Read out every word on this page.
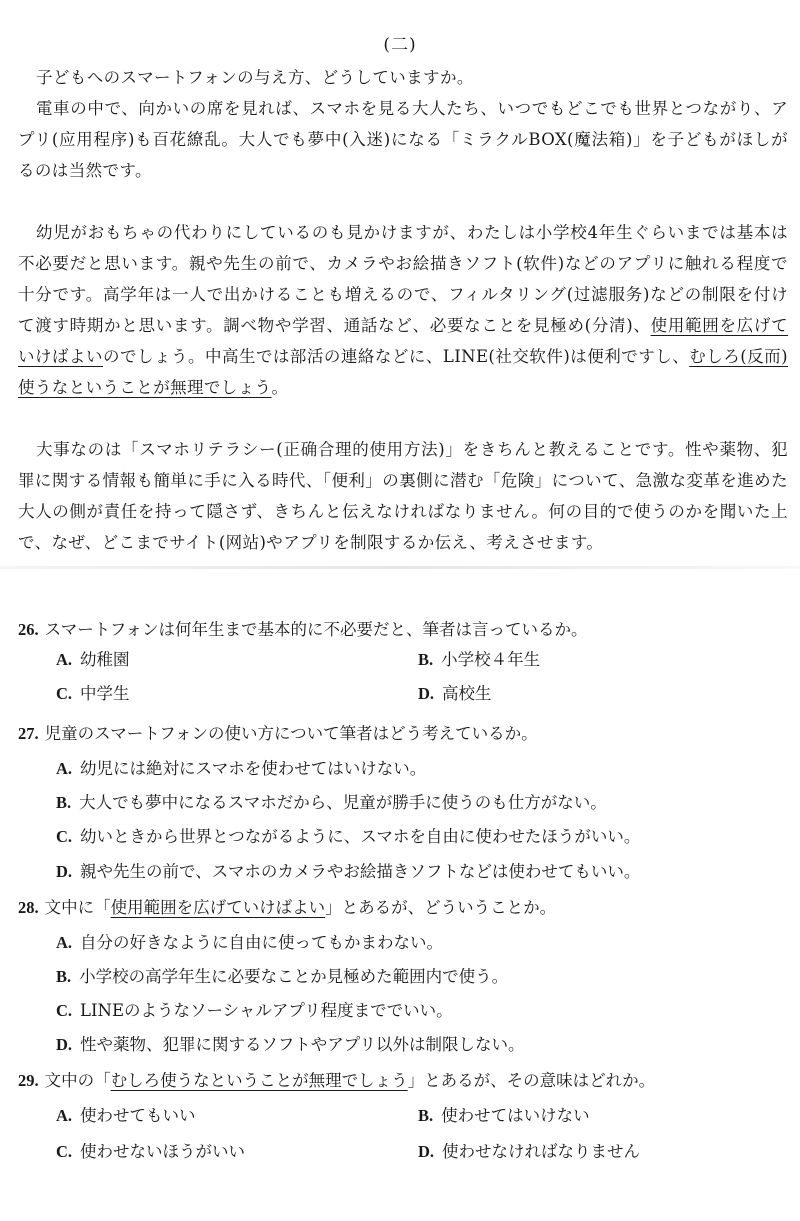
(二)

子どもへのスマートフォンの与え方、どうしていますか。

電車の中で、向かいの席を見れば、スマホを見る大人たち、いつでもどこでも世界とつながり、アプリ(应用程序)も百花繚乱。大人でも夢中(入迷)になる「ミラクルBOX(魔法箱)」を子どもがほしがるのは当然です。

幼児がおもちゃの代わりにしているのも見かけますが、わたしは小学校4年生ぐらいまでは基本は不必要だと思います。親や先生の前で、カメラやお絵描きソフト(软件)などのアプリに触れる程度で十分です。高学年は一人で出かけることも増えるので、フィルタリング(过滤服务)などの制限を付けて渡す時期かと思います。調べ物や学習、通話など、必要なことを見極め(分清)、使用範囲を広げていけばよいのでしょう。中高生では部活の連絡などに、LINE(社交软件)は便利ですし、むしろ(反而)使うなということが無理でしょう。

大事なのは「スマホリテラシー(正确合理的使用方法)」をきちんと教えることです。性や薬物、犯罪に関する情報も簡単に手に入る時代、「便利」の裏側に潜む「危険」について、急激な変革を進めた大人の側が責任を持って隠さず、きちんと伝えなければなりません。何の目的で使うのかを聞いた上で、なぜ、どこまでサイト(网站)やアプリを制限するか伝え、考えさせます。

26. スマートフォンは何年生まで基本的に不必要だと、筆者は言っているか。
A. 幼稚園	B. 小学校４年生
C. 中学生	D. 高校生
27. 児童のスマートフォンの使い方について筆者はどう考えているか。
A. 幼児には絶対にスマホを使わせてはいけない。
B. 大人でも夢中になるスマホだから、児童が勝手に使うのも仕方がない。
C. 幼いときから世界とつながるように、スマホを自由に使わせたほうがいい。
D. 親や先生の前で、スマホのカメラやお絵描きソフトなどは使わせてもいい。
28. 文中に「使用範囲を広げていけばよい」とあるが、どういうことか。
A. 自分の好きなように自由に使ってもかまわない。
B. 小学校の高学年生に必要なことか見極めた範囲内で使う。
C. LINEのようなソーシャルアプリ程度まででいい。
D. 性や薬物、犯罪に関するソフトやアプリ以外は制限しない。
29. 文中の「むしろ使うなということが無理でしょう」とあるが、その意味はどれか。
A. 使わせてもいい	B. 使わせてはいけない
C. 使わせないほうがいい	D. 使わせなければなりません
